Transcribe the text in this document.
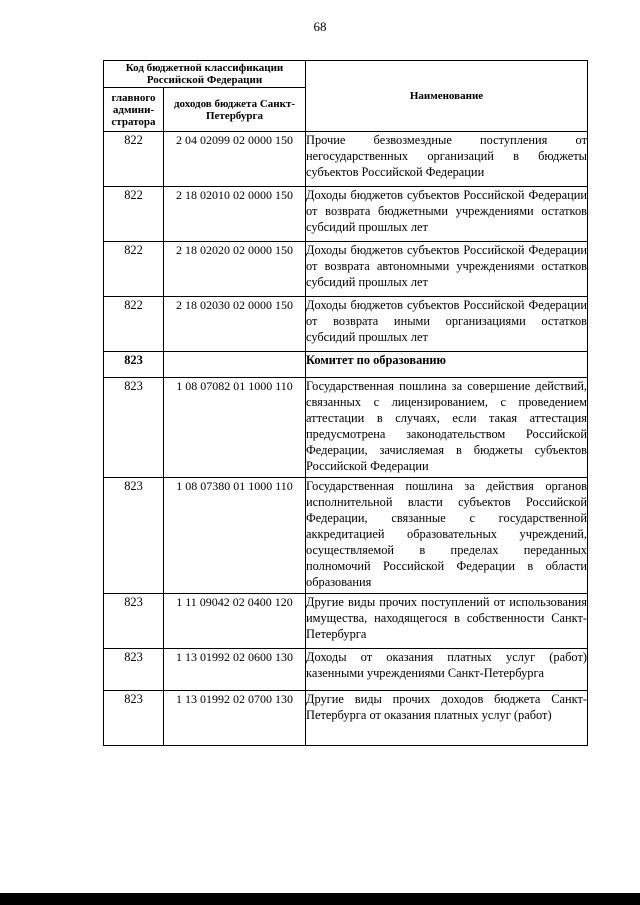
68
Код бюджетной классификации Российской Федерации		Наименование
главного админи-стратора	доходов бюджета Санкт-Петербурга	
822	2 04 02099 02 0000 150	Прочие безвозмездные поступления от негосударственных организаций в бюджеты субъектов Российской Федерации
822	2 18 02010 02 0000 150	Доходы бюджетов субъектов Российской Федерации от возврата бюджетными учреждениями остатков субсидий прошлых лет
822	2 18 02020 02 0000 150	Доходы бюджетов субъектов Российской Федерации от возврата автономными учреждениями остатков субсидий прошлых лет
822	2 18 02030 02 0000 150	Доходы бюджетов субъектов Российской Федерации от возврата иными организациями остатков субсидий прошлых лет
823		Комитет по образованию
823	1 08 07082 01 1000 110	Государственная пошлина за совершение действий, связанных с лицензированием, с проведением аттестации в случаях, если такая аттестация предусмотрена законодательством Российской Федерации, зачисляемая в бюджеты субъектов Российской Федерации
823	1 08 07380 01 1000 110	Государственная пошлина за действия органов исполнительной власти субъектов Российской Федерации, связанные с государственной аккредитацией образовательных учреждений, осуществляемой в пределах переданных полномочий Российской Федерации в области образования
823	1 11 09042 02 0400 120	Другие виды прочих поступлений от использования имущества, находящегося в собственности Санкт-Петербурга
823	1 13 01992 02 0600 130	Доходы от оказания платных услуг (работ) казенными учреждениями Санкт-Петербурга
823	1 13 01992 02 0700 130	Другие виды прочих доходов бюджета Санкт-Петербурга от оказания платных услуг (работ)
